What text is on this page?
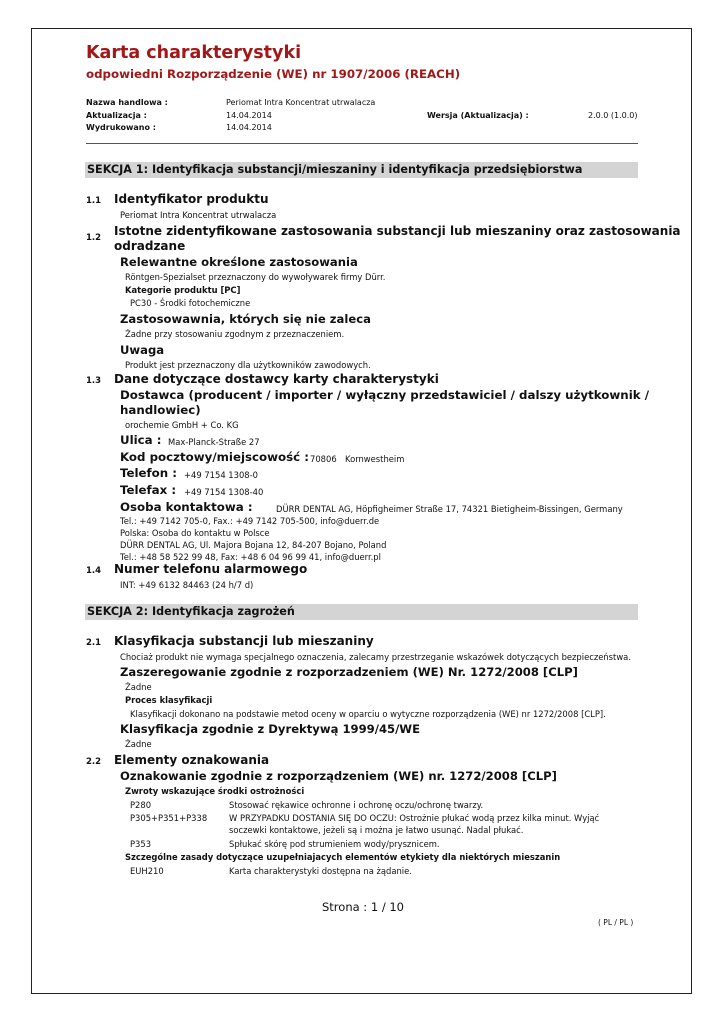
Karta charakterystyki
odpowiedni Rozporządzenie (WE) nr 1907/2006 (REACH)
Nazwa handlowa :	Periomat Intra Koncentrat utrwalacza
Aktualizacja :	14.04.2014	Wersja (Aktualizacja) :	2.0.0 (1.0.0)
Wydrukowano :	14.04.2014
SEKCJA 1: Identyfikacja substancji/mieszaniny i identyfikacja przedsiębiorstwa
1.1 Identyfikator produktu
Periomat Intra Koncentrat utrwalacza
1.2 Istotne zidentyfikowane zastosowania substancji lub mieszaniny oraz zastosowania
odradzane
Relewantne określone zastosowania
Röntgen-Spezialset przeznaczony do wywoływarek firmy Dürr.
Kategorie produktu [PC]
PC30 - Środki fotochemiczne
Zastosowawnia, których się nie zaleca
Żadne przy stosowaniu zgodnym z przeznaczeniem.
Uwaga
Produkt jest przeznaczony dla użytkowników zawodowych.
1.3 Dane dotyczące dostawcy karty charakterystyki
Dostawca (producent / importer / wyłączny przedstawiciel / dalszy użytkownik /
handlowiec)
orochemie GmbH + Co. KG
Ulica : Max-Planck-Straße 27
Kod pocztowy/miejscowość : 70806 Kornwestheim
Telefon : +49 7154 1308-0
Telefax : +49 7154 1308-40
Osoba kontaktowa :	DÜRR DENTAL AG, Höpfigheimer Straße 17, 74321 Bietigheim-Bissingen, Germany
Tel.: +49 7142 705-0, Fax.: +49 7142 705-500, info@duerr.de
Polska: Osoba do kontaktu w Polsce
DÜRR DENTAL AG, Ul. Majora Bojana 12, 84-207 Bojano, Poland
Tel.: +48 58 522 99 48, Fax: +48 6 04 96 99 41, info@duerr.pl
1.4 Numer telefonu alarmowego
INT: +49 6132 84463 (24 h/7 d)
SEKCJA 2: Identyfikacja zagrożeń
2.1 Klasyfikacja substancji lub mieszaniny
Chociaż produkt nie wymaga specjalnego oznaczenia, zalecamy przestrzeganie wskazówek dotyczących bezpieczeństwa.
Zaszeregowanie zgodnie z rozporzadzeniem (WE) Nr. 1272/2008 [CLP]
Żadne
Proces klasyfikacji
Klasyfikacji dokonano na podstawie metod oceny w oparciu o wytyczne rozporządzenia (WE) nr 1272/2008 [CLP].
Klasyfikacja zgodnie z Dyrektywą 1999/45/WE
Żadne
2.2 Elementy oznakowania
Oznakowanie zgodnie z rozporządzeniem (WE) nr. 1272/2008 [CLP]
Zwroty wskazujące środki ostrożności
P280	Stosować rękawice ochronne i ochronę oczu/ochronę twarzy.
P305+P351+P338	W PRZYPADKU DOSTANIA SIĘ DO OCZU: Ostrożnie płukać wodą przez kilka minut. Wyjąć
soczewki kontaktowe, jeżeli są i można je łatwo usunąć. Nadal płukać.
P353	Spłukać skórę pod strumieniem wody/prysznicem.
Szczególne zasady dotyczące uzupełniajacych elementów etykiety dla niektórych mieszanin
EUH210	Karta charakterystyki dostępna na żądanie.
Strona : 1 / 10
( PL / PL )
